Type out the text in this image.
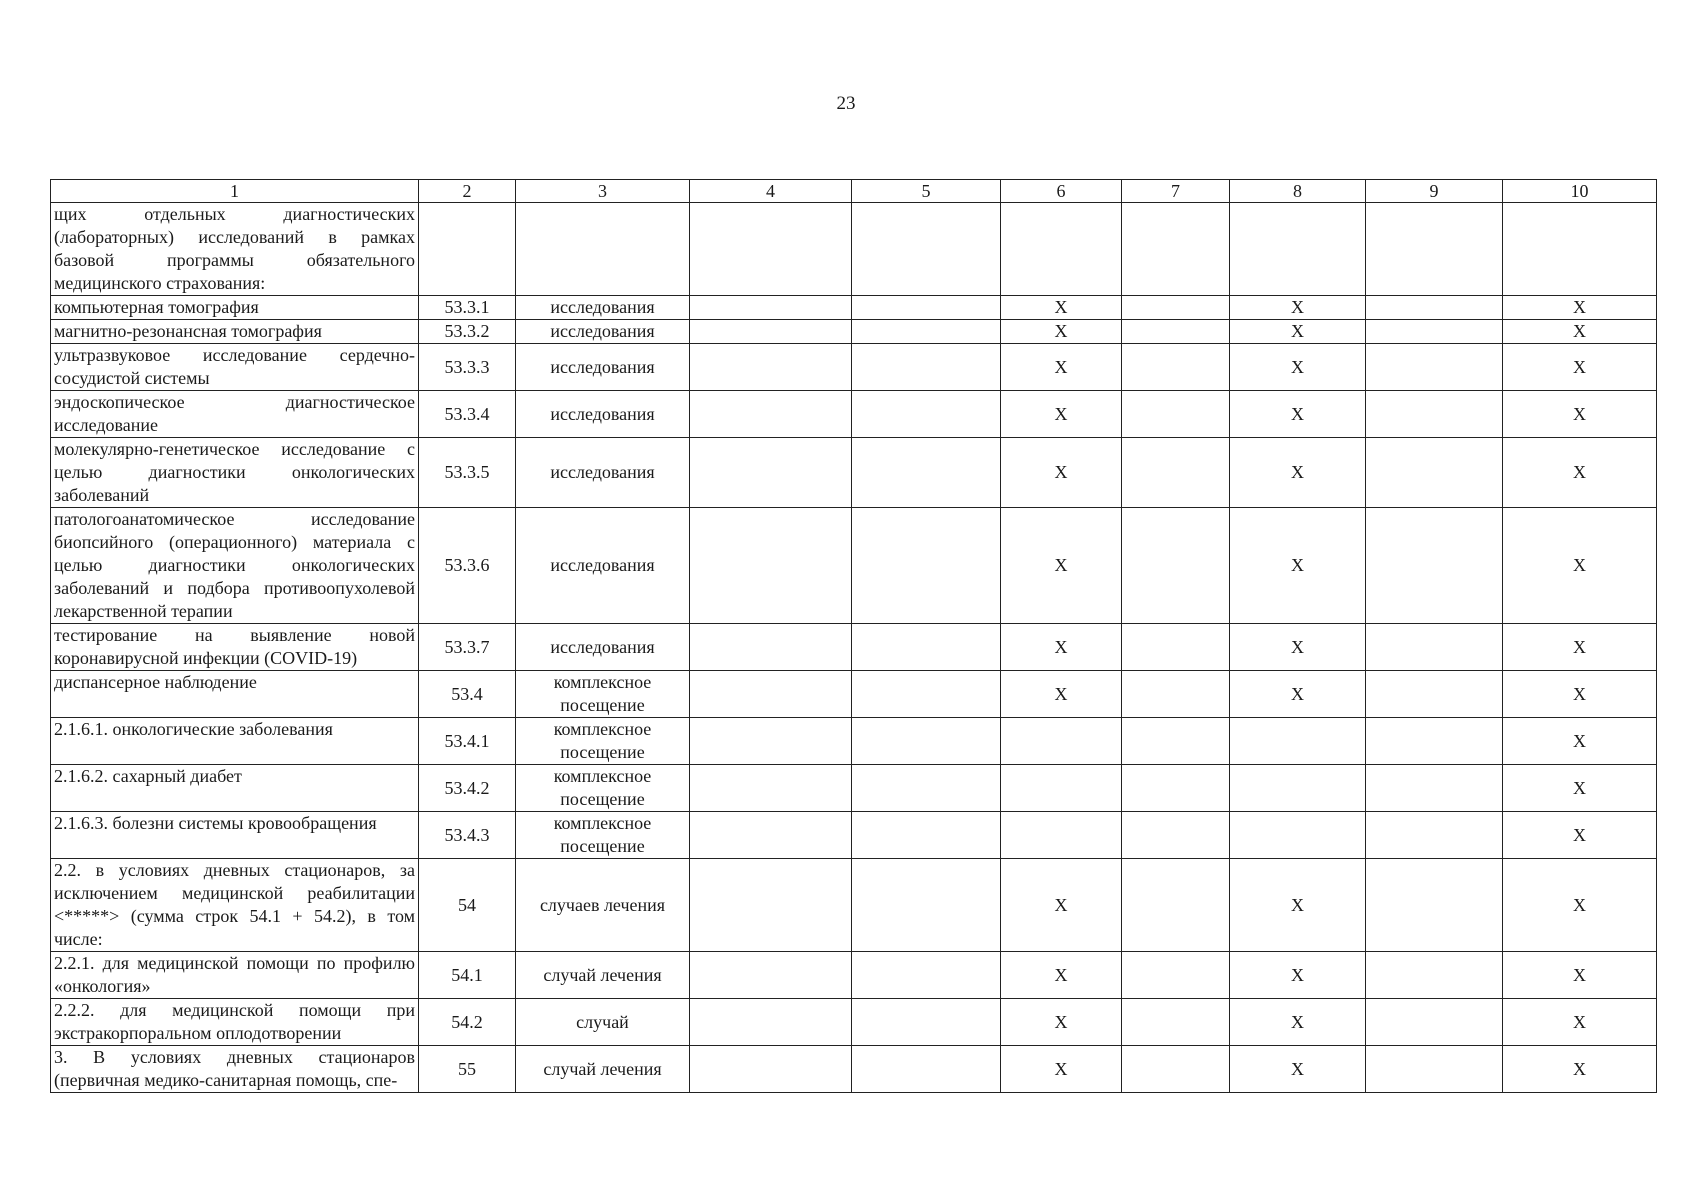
23
1	2	3	4	5	6	7	8	9	10
щих отдельных диагностических (лабораторных) исследований в рамках базовой программы обязательного медицинского страхования:									
компьютерная томография	53.3.1	исследования			X		X		X
магнитно-резонансная томография	53.3.2	исследования			X		X		X
ультразвуковое исследование сердечно-сосудистой системы	53.3.3	исследования			X		X		X
эндоскопическое диагностическое исследование	53.3.4	исследования			X		X		X
молекулярно-генетическое исследование с целью диагностики онкологических заболеваний	53.3.5	исследования			X		X		X
патологоанатомическое исследование биопсийного (операционного) материала с целью диагностики онкологических заболеваний и подбора противоопухолевой лекарственной терапии	53.3.6	исследования			X		X		X
тестирование на выявление новой коронавирусной инфекции (COVID-19)	53.3.7	исследования			X		X		X
диспансерное наблюдение	53.4	комплексное посещение			X		X		X
2.1.6.1. онкологические заболевания	53.4.1	комплексное посещение							X
2.1.6.2. сахарный диабет	53.4.2	комплексное посещение							X
2.1.6.3. болезни системы кровообращения	53.4.3	комплексное посещение							X
2.2. в условиях дневных стационаров, за исключением медицинской реабилитации <*****> (сумма строк 54.1 + 54.2), в том числе:	54	случаев лечения			X		X		X
2.2.1. для медицинской помощи по профилю «онкология»	54.1	случай лечения			X		X		X
2.2.2. для медицинской помощи при экстракорпоральном оплодотворении	54.2	случай			X		X		X
3. В условиях дневных стационаров (первичная медико-санитарная помощь, спе-	55	случай лечения			X		X		X
